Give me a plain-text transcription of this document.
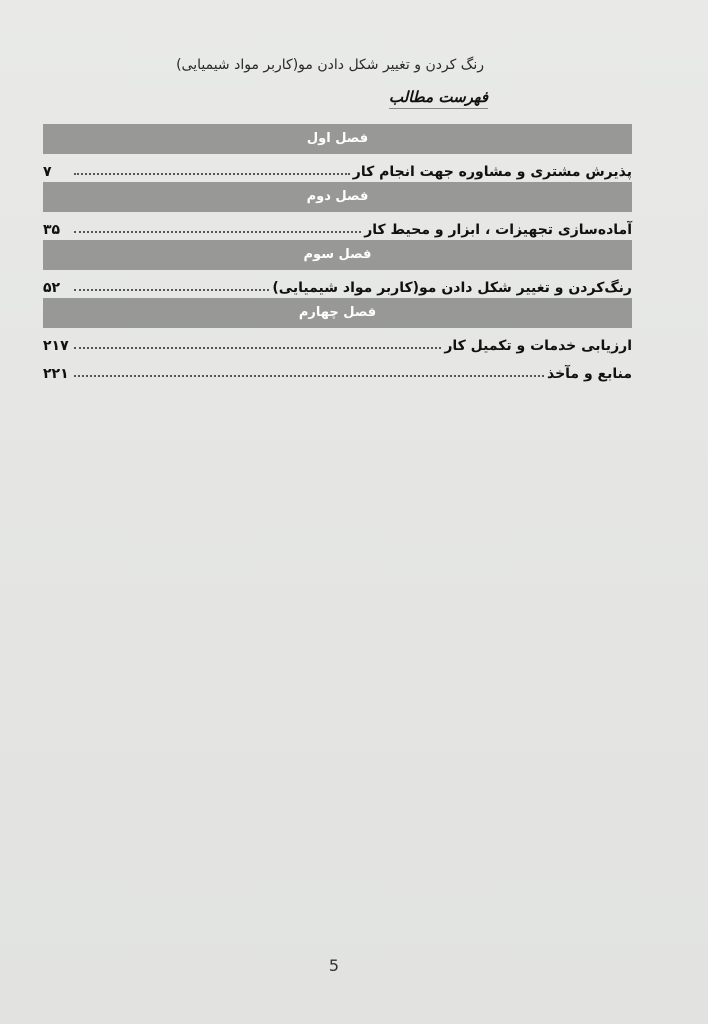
رنگ کردن و تغییر شکل دادن مو(کاربر مواد شیمیایی)
فهرست مطالب
فصل اول
پذیرش مشتری و مشاوره جهت انجام کار
۷
فصل دوم
آماده‌سازی تجهیزات ، ابزار و محیط کار
۳۵
فصل سوم
رنگ‌کردن و تغییر شکل دادن مو(کاربر مواد شیمیایی)
۵۲
فصل چهارم
ارزیابی خدمات و تکمیل کار
۲۱۷
منابع و مآخذ
۲۲۱
5
